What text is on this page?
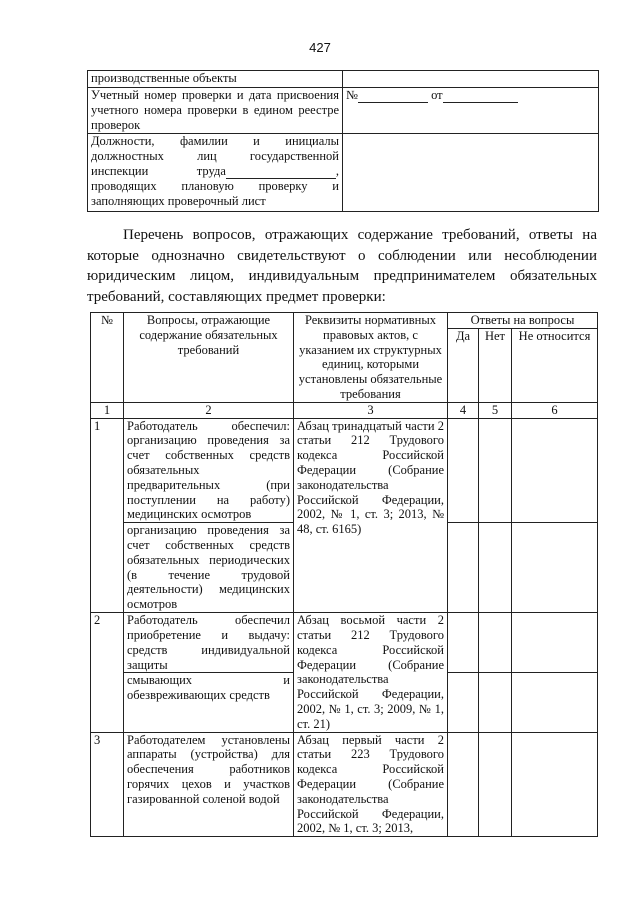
427
производственные объекты	
Учетный номер проверки и дата присвоения учетного номера проверки в едином реестре проверок	№ от
Должности, фамилии и инициалы должностных лиц государственной инспекции труда , проводящих плановую проверку и заполняющих проверочный лист	

Перечень вопросов, отражающих содержание требований, ответы на которые однозначно свидетельствуют о соблюдении или несоблюдении юридическим лицом, индивидуальным предпринимателем обязательных требований, составляющих предмет проверки:

№	Вопросы, отражающие содержание обязательных требований	Реквизиты нормативных правовых актов, с указанием их структурных единиц, которыми установлены обязательные требования	Ответы на вопросы		
			Да	Нет	Не относится
1	2	3	4	5	6
1	Работодатель обеспечил: организацию проведения за счет собственных средств обязательных предварительных (при поступлении на работу) медицинских осмотров	Абзац тринадцатый части 2 статьи 212 Трудового кодекса Российской Федерации (Собрание законодательства Российской Федерации, 2002, № 1, ст. 3; 2013, № 48, ст. 6165)			
	организацию проведения за счет собственных средств обязательных периодических (в течение трудовой деятельности) медицинских осмотров				
2	Работодатель обеспечил приобретение и выдачу: средств индивидуальной защиты	Абзац восьмой части 2 статьи 212 Трудового кодекса Российской Федерации (Собрание законодательства Российской Федерации, 2002, № 1, ст. 3; 2009, № 1, ст. 21)			
	смывающих и обезвреживающих средств				
3	Работодателем установлены аппараты (устройства) для обеспечения работников горячих цехов и участков газированной соленой водой	Абзац первый части 2 статьи 223 Трудового кодекса Российской Федерации (Собрание законодательства Российской Федерации, 2002, № 1, ст. 3; 2013,			
